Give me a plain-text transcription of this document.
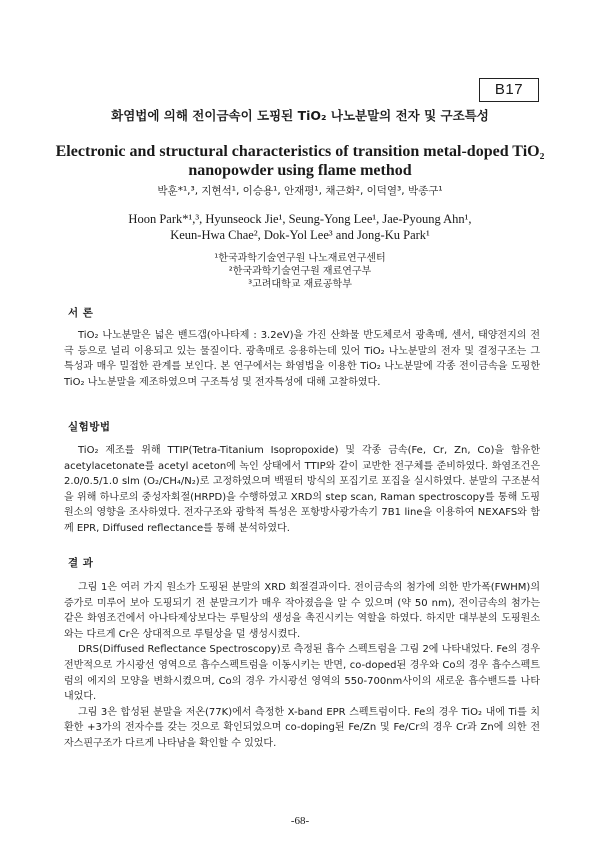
B17
화염법에 의해 전이금속이 도핑된 TiO₂ 나노분말의 전자 및 구조특성
Electronic and structural characteristics of transition metal-doped TiO₂
nanopowder using flame method
박훈*¹,³, 지현석¹, 이승용¹, 안재평¹, 채근화², 이덕열³, 박종구¹
Hoon Park*¹,³, Hyunseock Jie¹, Seung-Yong Lee¹, Jae-Pyoung Ahn¹,
Keun-Hwa Chae², Dok-Yol Lee³ and Jong-Ku Park¹
¹한국과학기술연구원 나노재료연구센터
²한국과학기술연구원 재료연구부
³고려대학교 재료공학부
서 론

TiO₂ 나노분말은 넓은 밴드갭(아나타제 : 3.2eV)을 가진 산화물 반도체로서 광촉매, 센서, 태양전지의 전극 등으로 널리 이용되고 있는 물질이다. 광촉매로 응용하는데 있어 TiO₂ 나노분말의 전자 및 결정구조는 그 특성과 매우 밀접한 관계를 보인다. 본 연구에서는 화염법을 이용한 TiO₂ 나노분말에 각종 전이금속을 도핑한 TiO₂ 나노분말을 제조하였으며 구조특성 및 전자특성에 대해 고찰하였다.

실험방법

TiO₂ 제조를 위해 TTIP(Tetra-Titanium Isopropoxide) 및 각종 금속(Fe, Cr, Zn, Co)을 함유한 acetylacetonate를 acetyl aceton에 녹인 상태에서 TTIP와 같이 교반한 전구체를 준비하였다. 화염조건은 2.0/0.5/1.0 slm (O₂/CH₄/N₂)로 고정하였으며 백필터 방식의 포집기로 포집을 실시하였다. 분말의 구조분석을 위해 하나로의 중성자회절(HRPD)을 수행하였고 XRD의 step scan, Raman spectroscopy를 통해 도핑원소의 영향을 조사하였다. 전자구조와 광학적 특성은 포항방사광가속기 7B1 line을 이용하여 NEXAFS와 함께 EPR, Diffused reflectance를 통해 분석하였다.

결 과

그림 1은 여러 가지 원소가 도핑된 분말의 XRD 회절결과이다. 전이금속의 첨가에 의한 반가폭(FWHM)의 증가로 미루어 보아 도핑되기 전 분말크기가 매우 작아졌음을 알 수 있으며 (약 50 nm), 전이금속의 첨가는 같은 화염조건에서 아나타제상보다는 루틸상의 생성을 촉진시키는 역할을 하였다. 하지만 대부분의 도핑원소와는 다르게 Cr은 상대적으로 루틸상을 덜 생성시켰다.

DRS(Diffused Reflectance Spectroscopy)로 측정된 흡수 스펙트럼을 그림 2에 나타내었다. Fe의 경우 전반적으로 가시광선 영역으로 흡수스펙트럼을 이동시키는 반면, co-doped된 경우와 Co의 경우 흡수스펙트럼의 에지의 모양을 변화시켰으며, Co의 경우 가시광선 영역의 550-700nm사이의 새로운 흡수밴드를 나타내었다.

그림 3은 합성된 분말을 저온(77K)에서 측정한 X-band EPR 스펙트럼이다. Fe의 경우 TiO₂ 내에 Ti를 치환한 +3가의 전자수를 갖는 것으로 확인되었으며 co-doping된 Fe/Zn 및 Fe/Cr의 경우 Cr과 Zn에 의한 전자스핀구조가 다르게 나타남을 확인할 수 있었다.

-68-
